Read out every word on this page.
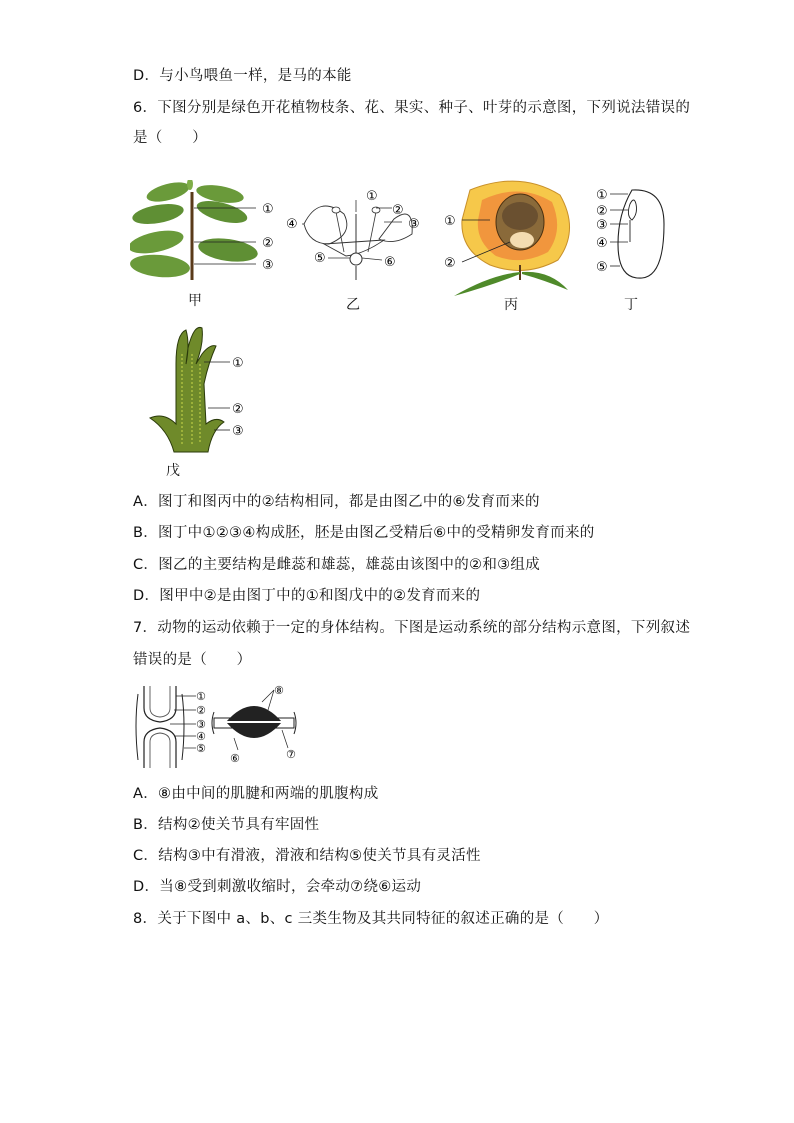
D．与小鸟喂鱼一样，是马的本能
6．下图分别是绿色开花植物枝条、花、果实、种子、叶芽的示意图，下列说法错误的
是（　　）
①
②
③
甲
①
②
③
④
⑤	⑥
乙
①
②
丙
①
②
③
④
⑤
丁
①
②
③
戊
A．图丁和图丙中的②结构相同，都是由图乙中的⑥发育而来的
B．图丁中①②③④构成胚，胚是由图乙受精后⑥中的受精卵发育而来的
C．图乙的主要结构是雌蕊和雄蕊，雄蕊由该图中的②和③组成
D．图甲中②是由图丁中的①和图戊中的②发育而来的
7．动物的运动依赖于一定的身体结构。下图是运动系统的部分结构示意图，下列叙述
错误的是（　　）
①
②
③
④
⑤
⑧
⑥	⑦
A．⑧由中间的肌腱和两端的肌腹构成
B．结构②使关节具有牢固性
C．结构③中有滑液，滑液和结构⑤使关节具有灵活性
D．当⑧受到刺激收缩时，会牵动⑦绕⑥运动
8．关于下图中 a、b、c 三类生物及其共同特征的叙述正确的是（　　）
